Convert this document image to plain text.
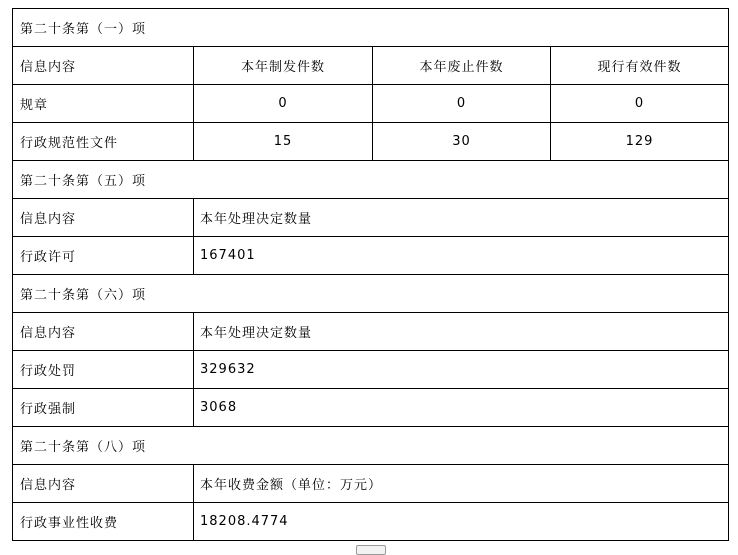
第二十条第（一）项			
信息内容	本年制发件数	本年废止件数	现行有效件数
规章	0	0	0
行政规范性文件	15	30	129
第二十条第（五）项			
信息内容	本年处理决定数量		
行政许可	167401		
第二十条第（六）项			
信息内容	本年处理决定数量		
行政处罚	329632		
行政强制	3068		
第二十条第（八）项			
信息内容	本年收费金额（单位：万元）		
行政事业性收费	18208.4774		
